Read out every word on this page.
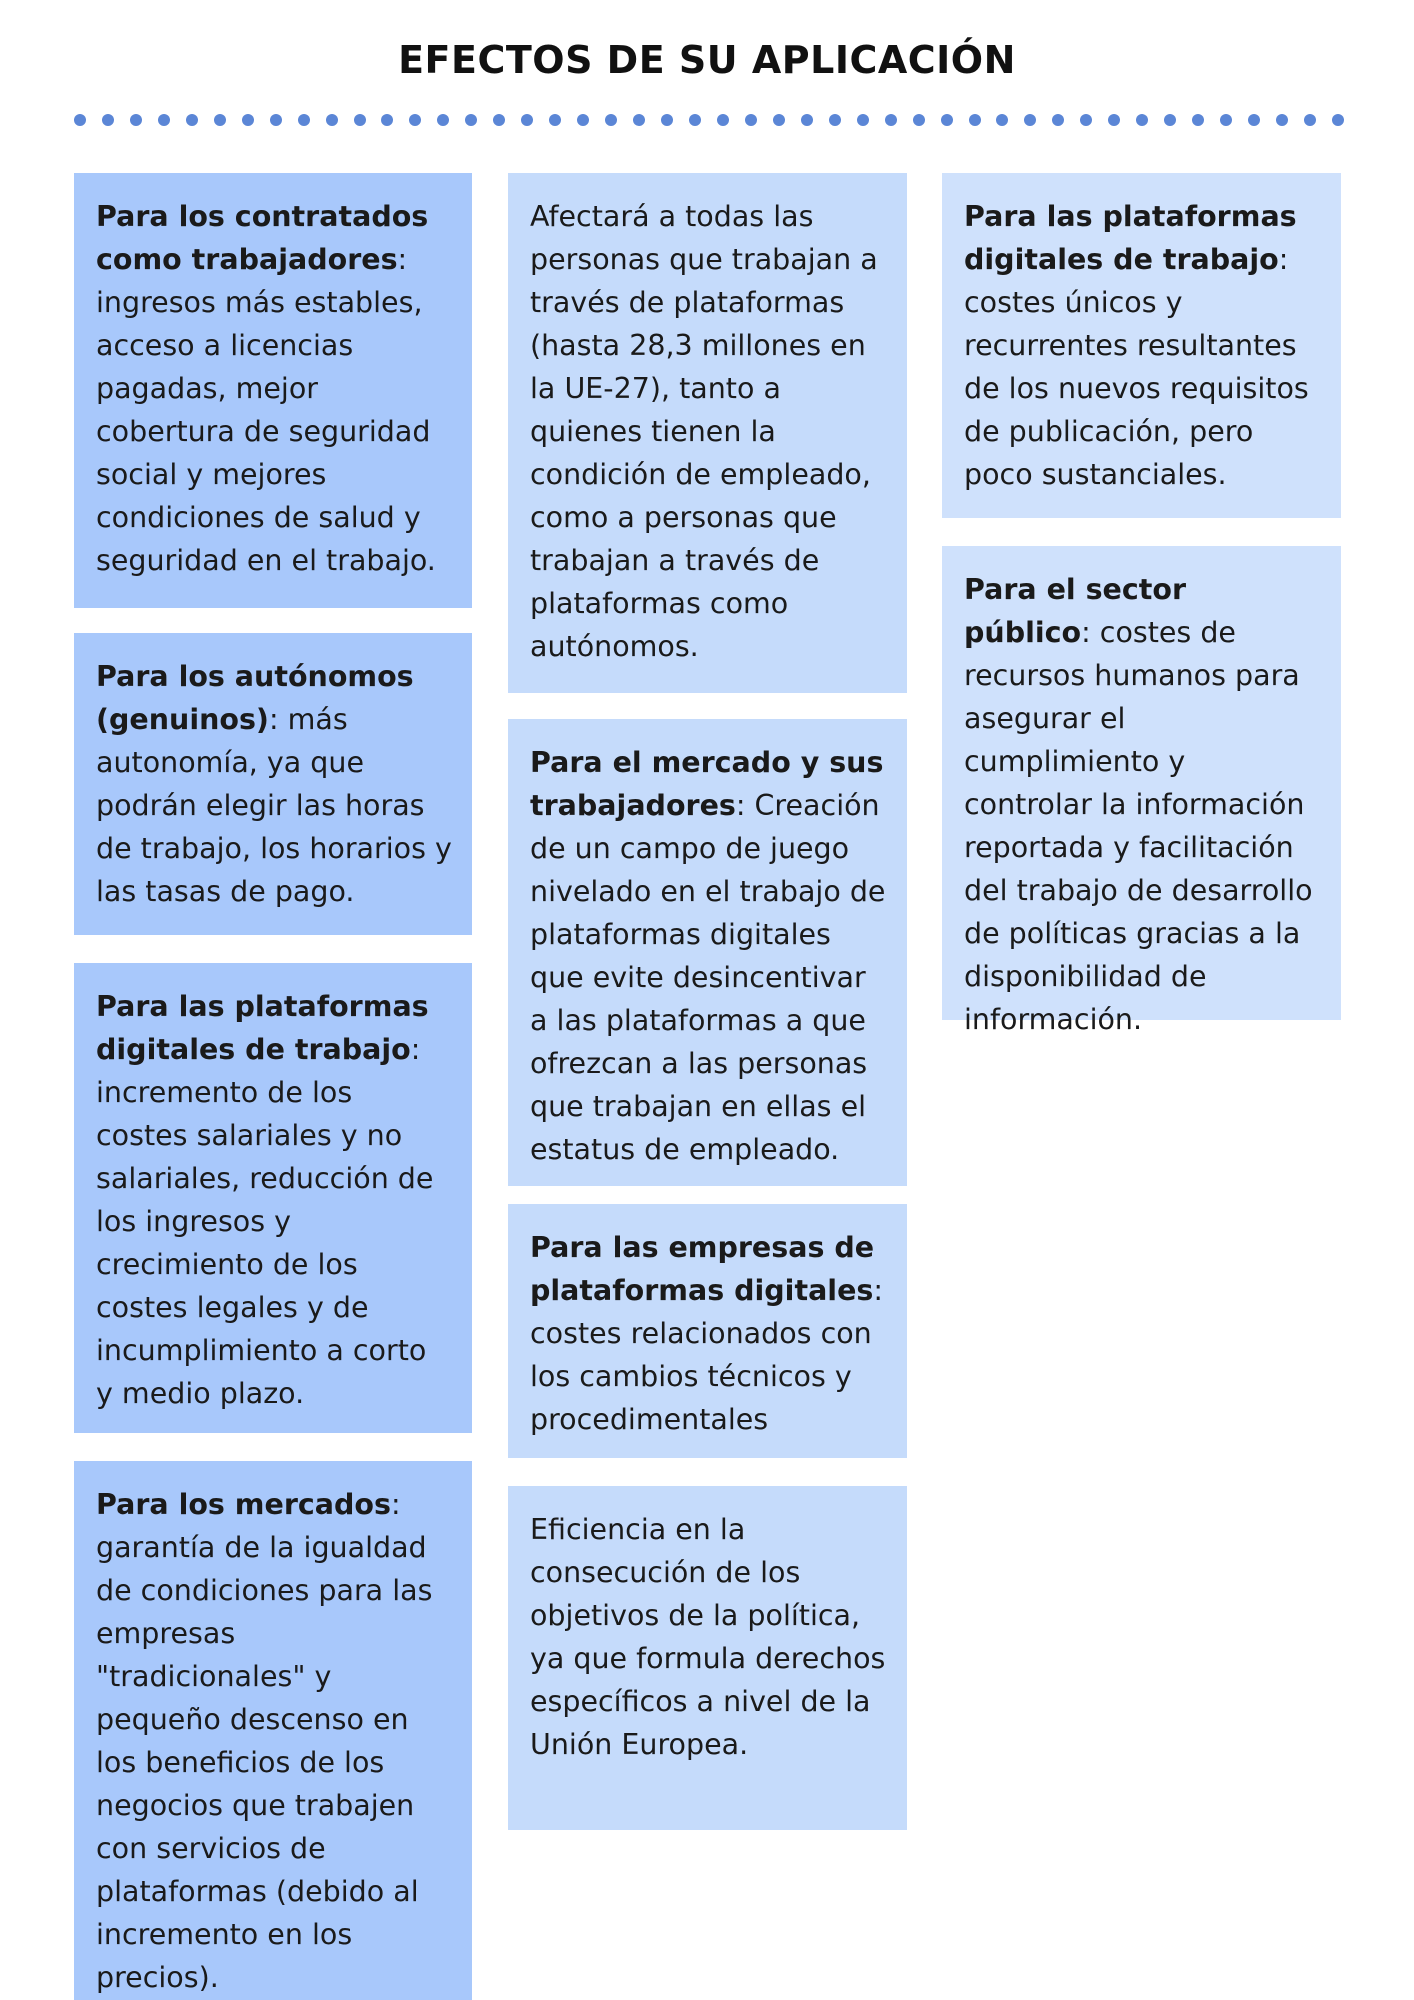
EFECTOS DE SU APLICACIÓN
Para los contratados como trabajadores: ingresos más estables, acceso a licencias pagadas, mejor cobertura de seguridad social y mejores condiciones de salud y seguridad en el trabajo.
Para los autónomos (genuinos): más autonomía, ya que podrán elegir las horas de trabajo, los horarios y las tasas de pago.
Para las plataformas digitales de trabajo: incremento de los costes salariales y no salariales, reducción de los ingresos y crecimiento de los costes legales y de incumplimiento a corto y medio plazo.
Para los mercados: garantía de la igualdad de condiciones para las empresas "tradicionales" y pequeño descenso en los beneficios de los negocios que trabajen con servicios de plataformas (debido al incremento en los precios).
Afectará a todas las personas que trabajan a través de plataformas (hasta 28,3 millones en la UE-27), tanto a quienes tienen la condición de empleado, como a personas que trabajan a través de plataformas como autónomos.
Para el mercado y sus trabajadores: Creación de un campo de juego nivelado en el trabajo de plataformas digitales que evite desincentivar a las plataformas a que ofrezcan a las personas que trabajan en ellas el estatus de empleado.
Para las empresas de plataformas digitales: costes relacionados con los cambios técnicos y procedimentales
Eficiencia en la consecución de los objetivos de la política, ya que formula derechos específicos a nivel de la Unión Europea.
Para las plataformas digitales de trabajo: costes únicos y recurrentes resultantes de los nuevos requisitos de publicación, pero poco sustanciales.
Para el sector público: costes de recursos humanos para asegurar el cumplimiento y controlar la información reportada y facilitación del trabajo de desarrollo de políticas gracias a la disponibilidad de información.
